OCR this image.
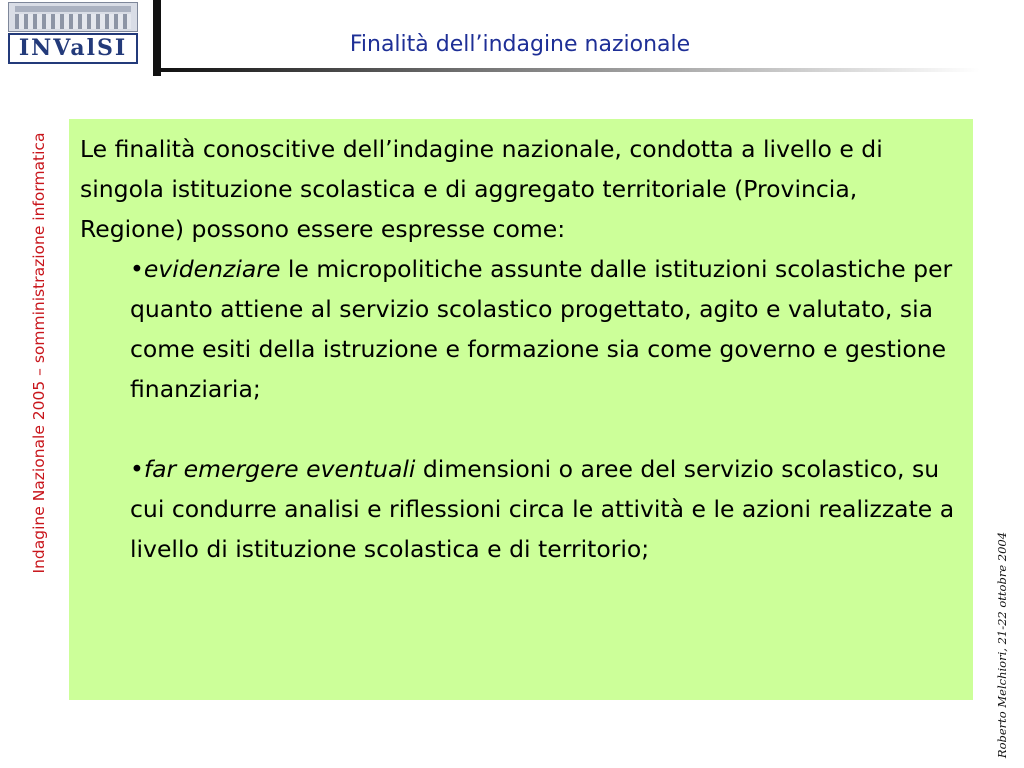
INValSI	Finalità dell’indagine nazionale
Indagine Nazionale 2005 – somministrazione informatica
Roberto Melchiori, 21-22 ottobre 2004

Le finalità conoscitive dell’indagine nazionale, condotta a livello e di singola istituzione scolastica e di aggregato territoriale (Provincia, Regione) possono essere espresse come:

•evidenziare le micropolitiche assunte dalle istituzioni scolastiche per quanto attiene al servizio scolastico progettato, agito e valutato, sia come esiti della istruzione e formazione sia come governo e gestione finanziaria;

•far emergere eventuali dimensioni o aree del servizio scolastico, su cui condurre analisi e riflessioni circa le attività e le azioni realizzate a livello di istituzione scolastica e di territorio;
